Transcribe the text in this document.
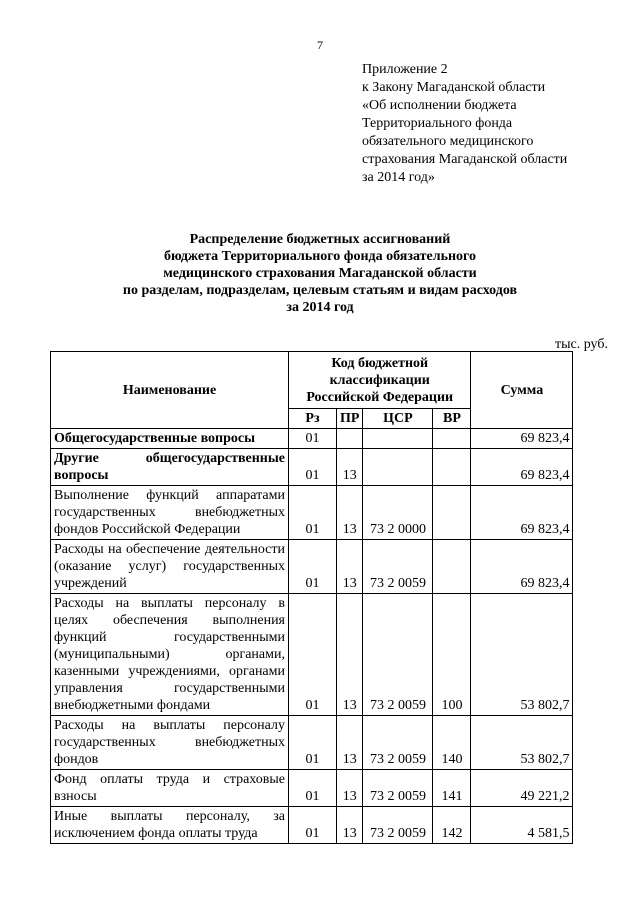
7
Приложение 2
к Закону Магаданской области
«Об исполнении бюджета
Территориального фонда
обязательного медицинского
страхования Магаданской области
за 2014 год»
Распределение бюджетных ассигнований
бюджета Территориального фонда обязательного
медицинского страхования Магаданской области
по разделам, подразделам, целевым статьям и видам расходов
за 2014 год
тыс. руб.
Наименование	Код бюджетной классификации Российской Федерации				Сумма
	Рз	ПР	ЦСР	ВР	
Общегосударственные вопросы	01				69 823,4
Другие общегосударственные вопросы	01	13			69 823,4
Выполнение функций аппаратами государственных внебюджетных фондов Российской Федерации	01	13	73 2 0000		69 823,4
Расходы на обеспечение деятельности (оказание услуг) государственных учреждений	01	13	73 2 0059		69 823,4
Расходы на выплаты персоналу в целях обеспечения выполнения функций государственными (муниципальными) органами, казенными учреждениями, органами управления государственными внебюджетными фондами	01	13	73 2 0059	100	53 802,7
Расходы на выплаты персоналу государственных внебюджетных фондов	01	13	73 2 0059	140	53 802,7
Фонд оплаты труда и страховые взносы	01	13	73 2 0059	141	49 221,2
Иные выплаты персоналу, за исключением фонда оплаты труда	01	13	73 2 0059	142	4 581,5
